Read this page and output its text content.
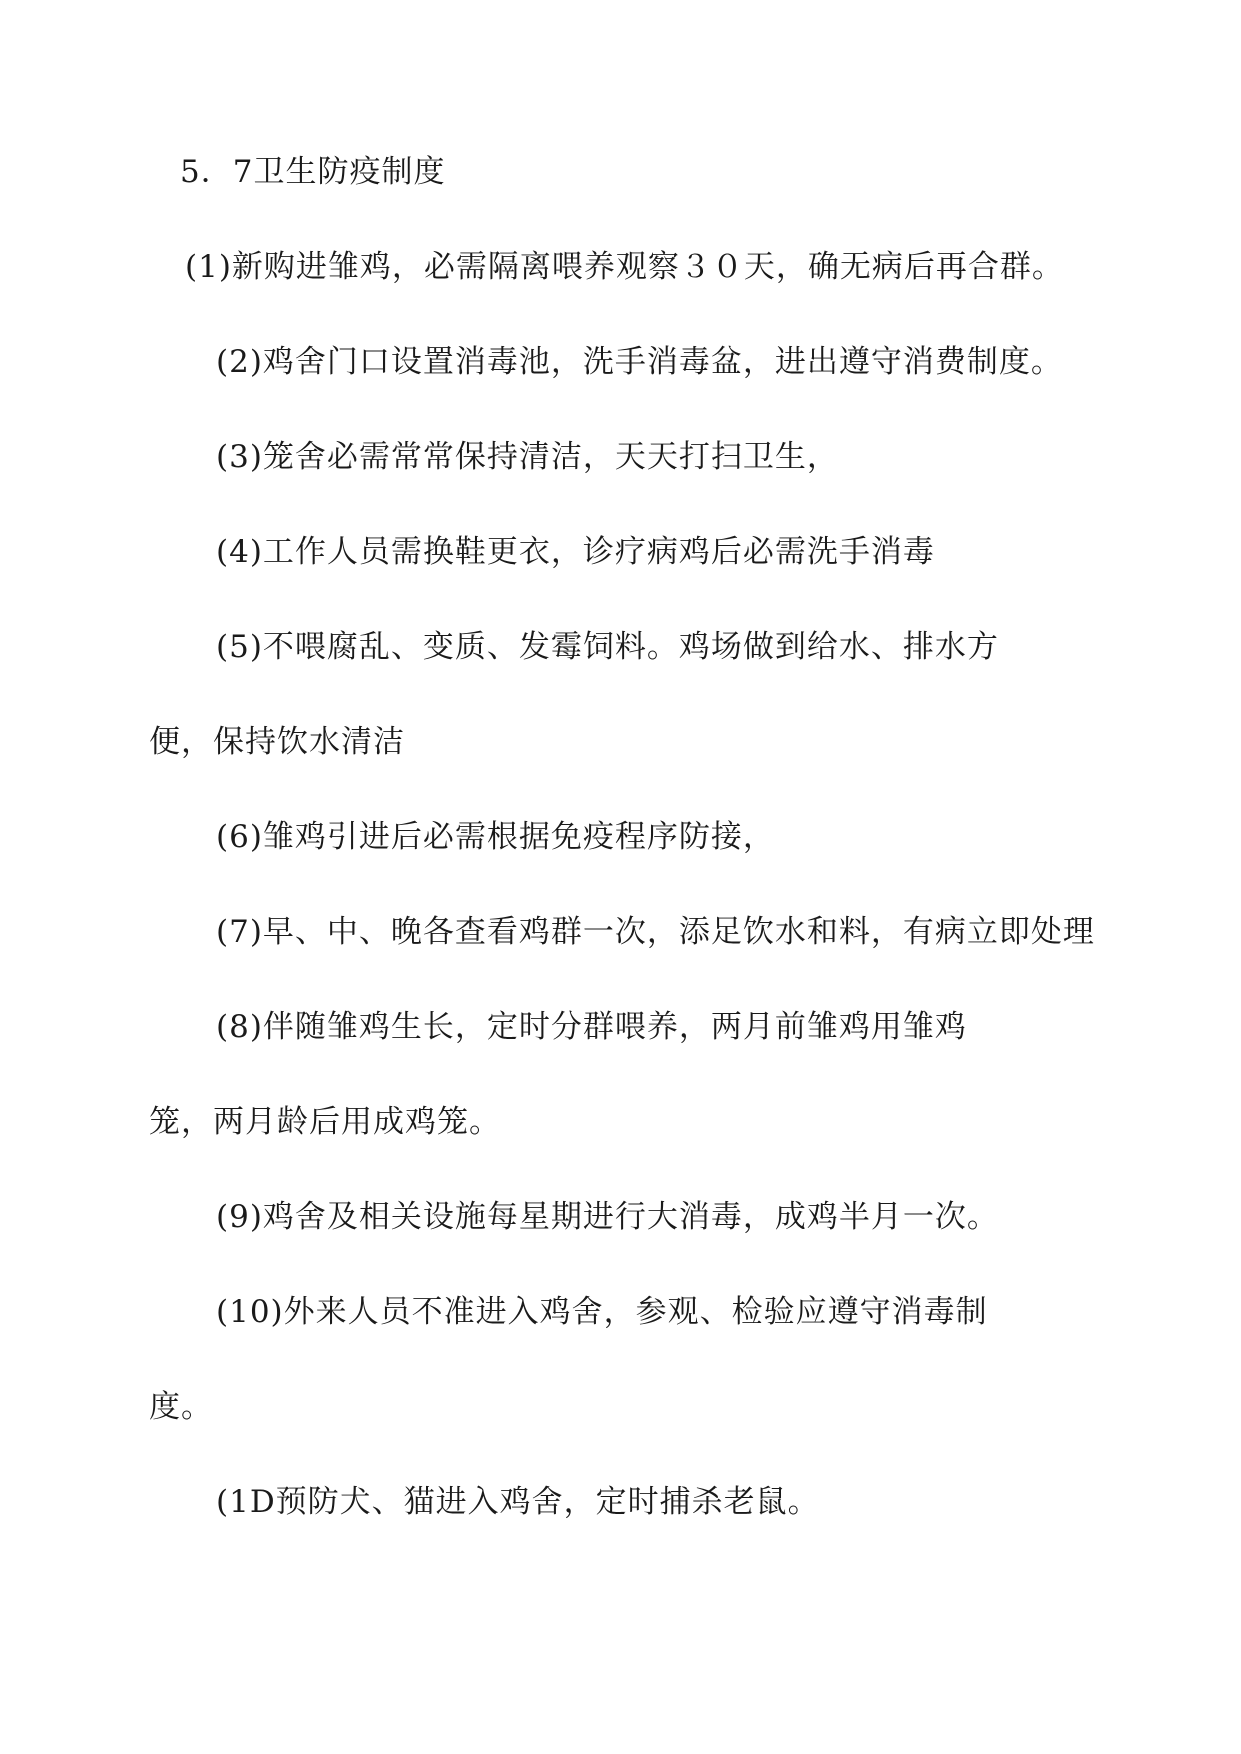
5．7卫生防疫制度
(1)新购进雏鸡，必需隔离喂养观察３０天，确无病后再合群。
(2)鸡舍门口设置消毒池，洗手消毒盆，进出遵守消费制度。
(3)笼舍必需常常保持清洁，天天打扫卫生，
(4)工作人员需换鞋更衣，诊疗病鸡后必需洗手消毒
(5)不喂腐乱、变质、发霉饲料。鸡场做到给水、排水方
便，保持饮水清洁
(6)雏鸡引进后必需根据免疫程序防接，
(7)早、中、晚各查看鸡群一次，添足饮水和料，有病立即处理
(8)伴随雏鸡生长，定时分群喂养，两月前雏鸡用雏鸡
笼，两月龄后用成鸡笼。
(9)鸡舍及相关设施每星期进行大消毒，成鸡半月一次。
(10)外来人员不准进入鸡舍，参观、检验应遵守消毒制
度。
(1D预防犬、猫进入鸡舍，定时捕杀老鼠。
